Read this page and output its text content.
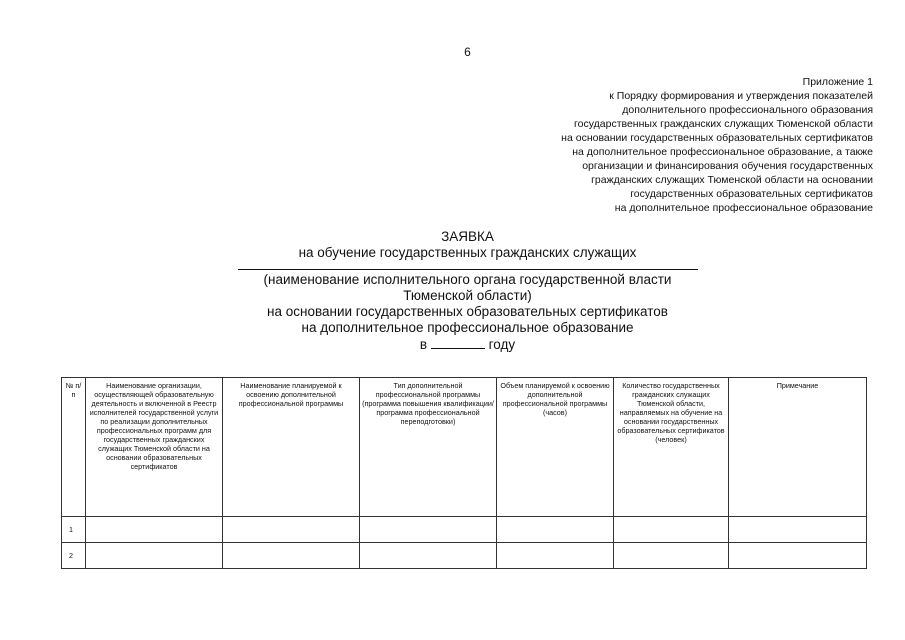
6
Приложение 1
к Порядку формирования и утверждения показателей
дополнительного профессионального образования
государственных гражданских служащих Тюменской области
на основании государственных образовательных сертификатов
на дополнительное профессиональное образование, а также
организации и финансирования обучения государственных
гражданских служащих Тюменской области на основании
государственных образовательных сертификатов
на дополнительное профессиональное образование
ЗАЯВКА
на обучение государственных гражданских служащих
(наименование исполнительного органа государственной власти
Тюменской области)
на основании государственных образовательных сертификатов
на дополнительное профессиональное образование
в	году
№ п/п	Наименование организации, осуществляющей образовательную деятельность и включенной в Реестр исполнителей государственной услуги по реализации дополнительных профессиональных программ для государственных гражданских служащих Тюменской области на основании образовательных сертификатов	Наименование планируемой к освоению дополнительной профессиональной программы	Тип дополнительной профессиональной программы (программа повышения квалификации/программа профессиональной переподготовки)	Объем планируемой к освоению дополнительной профессиональной программы (часов)	Количество государственных гражданских служащих Тюменской области, направляемых на обучение на основании государственных образовательных сертификатов (человек)	Примечание
1						
2						
